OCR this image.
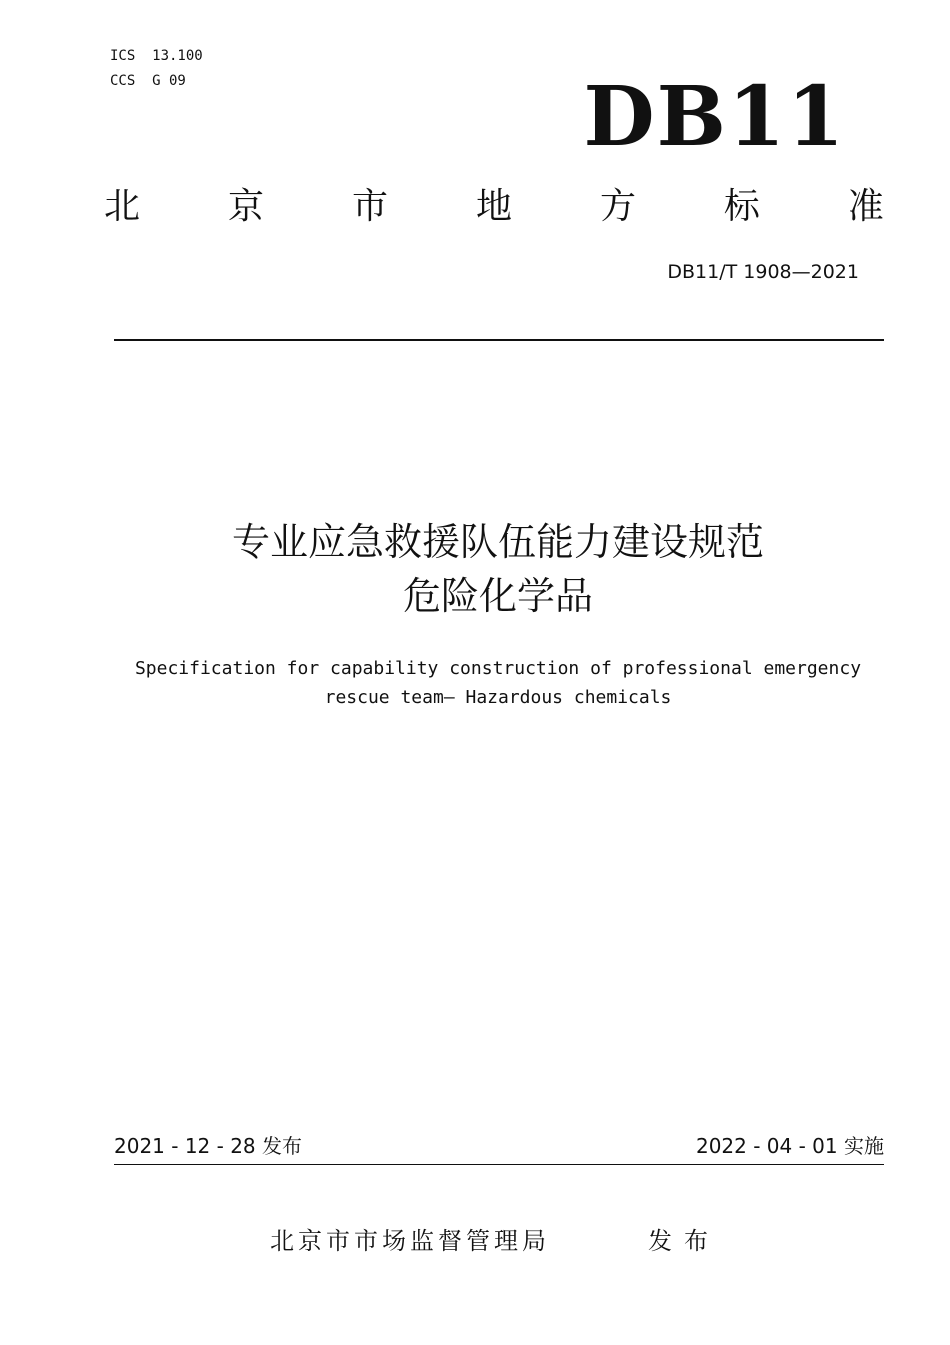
ICS  13.100
CCS  G 09	DB11
北 京 市 地 方 标 准
DB11/T 1908—2021
专业应急救援队伍能力建设规范
危险化学品
Specification for capability construction of professional emergency
rescue team— Hazardous chemicals
2021 - 12 - 28 发布	2022 - 04 - 01 实施
北京市市场监督管理局	发布
